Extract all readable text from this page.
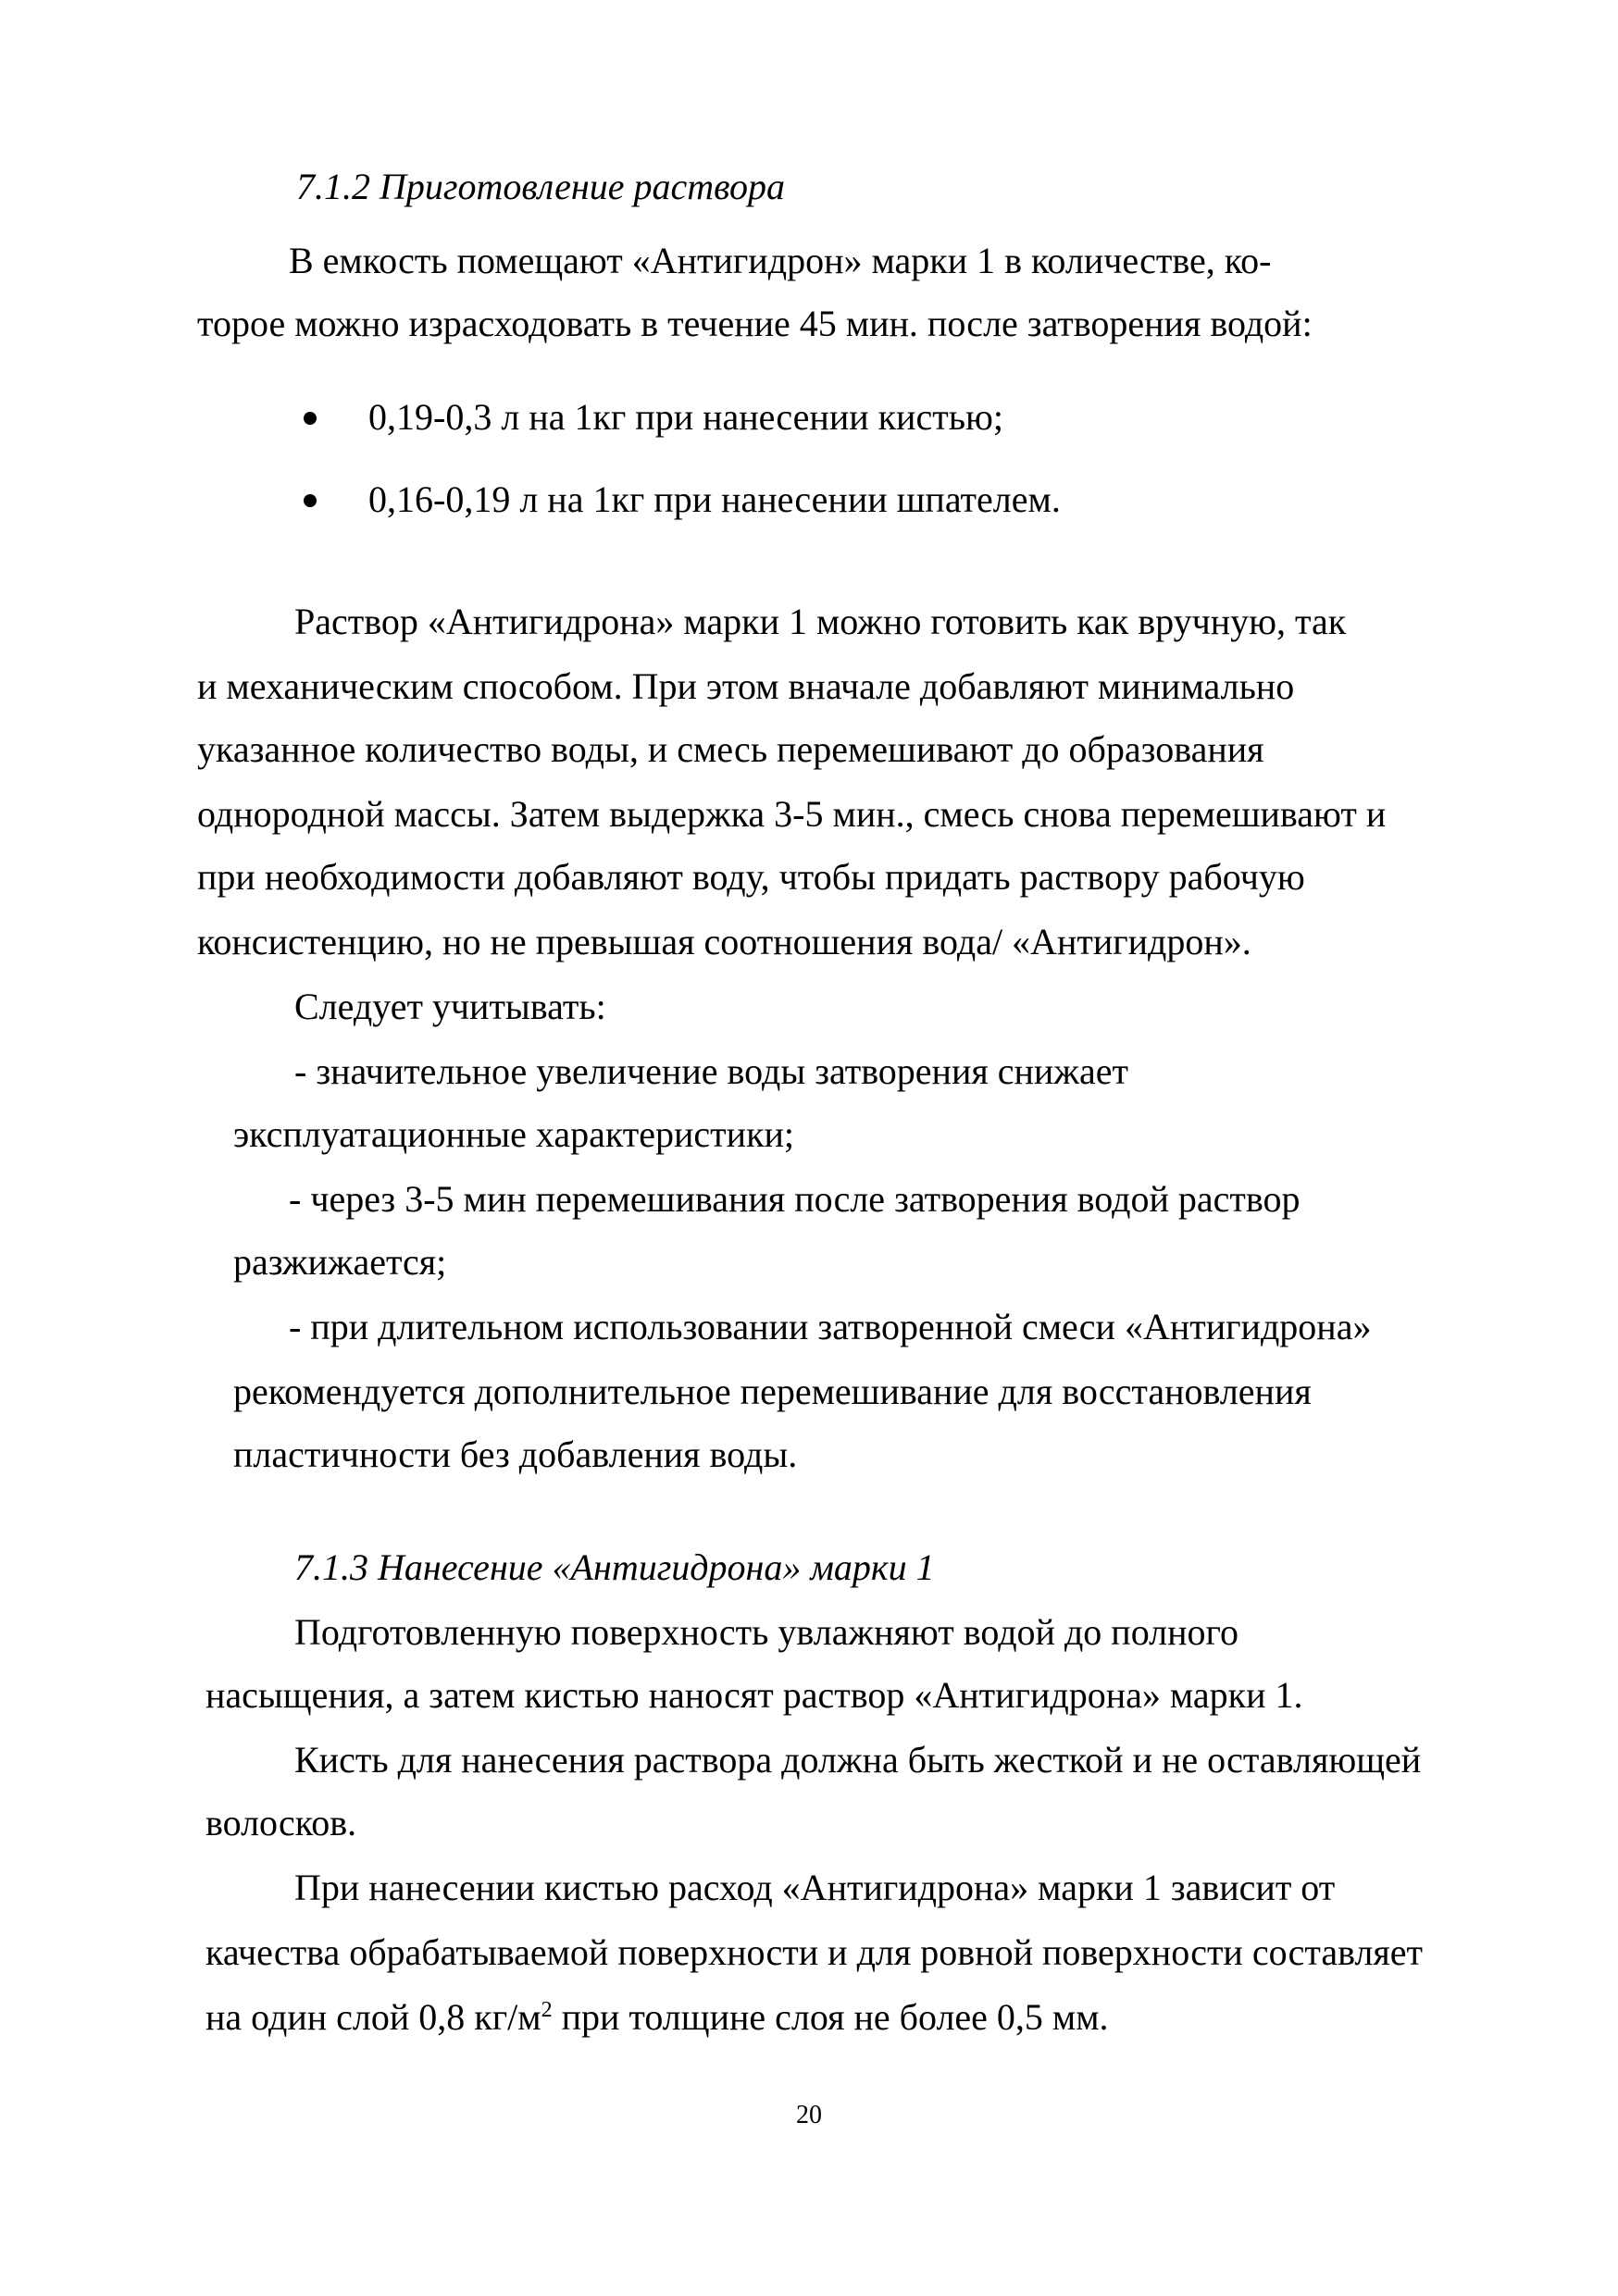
7.1.2 Приготовление раствора
В емкость помещают «Антигидрон» марки 1 в количестве, ко-
торое можно израсходовать в течение 45 мин. после затворения водой:
0,19-0,3 л на 1кг при нанесении кистью;
0,16-0,19 л на 1кг при нанесении шпателем.
Раствор «Антигидрона» марки 1 можно готовить как вручную, так
и механическим способом. При этом вначале добавляют минимально
указанное количество воды, и смесь перемешивают до образования
однородной массы. Затем выдержка 3-5 мин., смесь снова перемешивают и
при необходимости добавляют воду, чтобы придать раствору рабочую
консистенцию, но не превышая соотношения вода/ «Антигидрон».
Следует учитывать:
- значительное увеличение воды затворения снижает
эксплуатационные характеристики;
- через 3-5 мин перемешивания после затворения водой раствор
разжижается;
- при длительном использовании затворенной смеси «Антигидрона»
рекомендуется дополнительное перемешивание для восстановления
пластичности без добавления воды.
7.1.3 Нанесение «Антигидрона» марки 1
Подготовленную поверхность увлажняют водой до полного
насыщения, а затем кистью наносят раствор «Антигидрона» марки 1.
Кисть для нанесения раствора должна быть жесткой и не оставляющей
волосков.
При нанесении кистью расход «Антигидрона» марки 1 зависит от
качества обрабатываемой поверхности и для ровной поверхности составляет
на один слой 0,8 $кг/м^2$ при толщине слоя не более 0,5 мм.
20
